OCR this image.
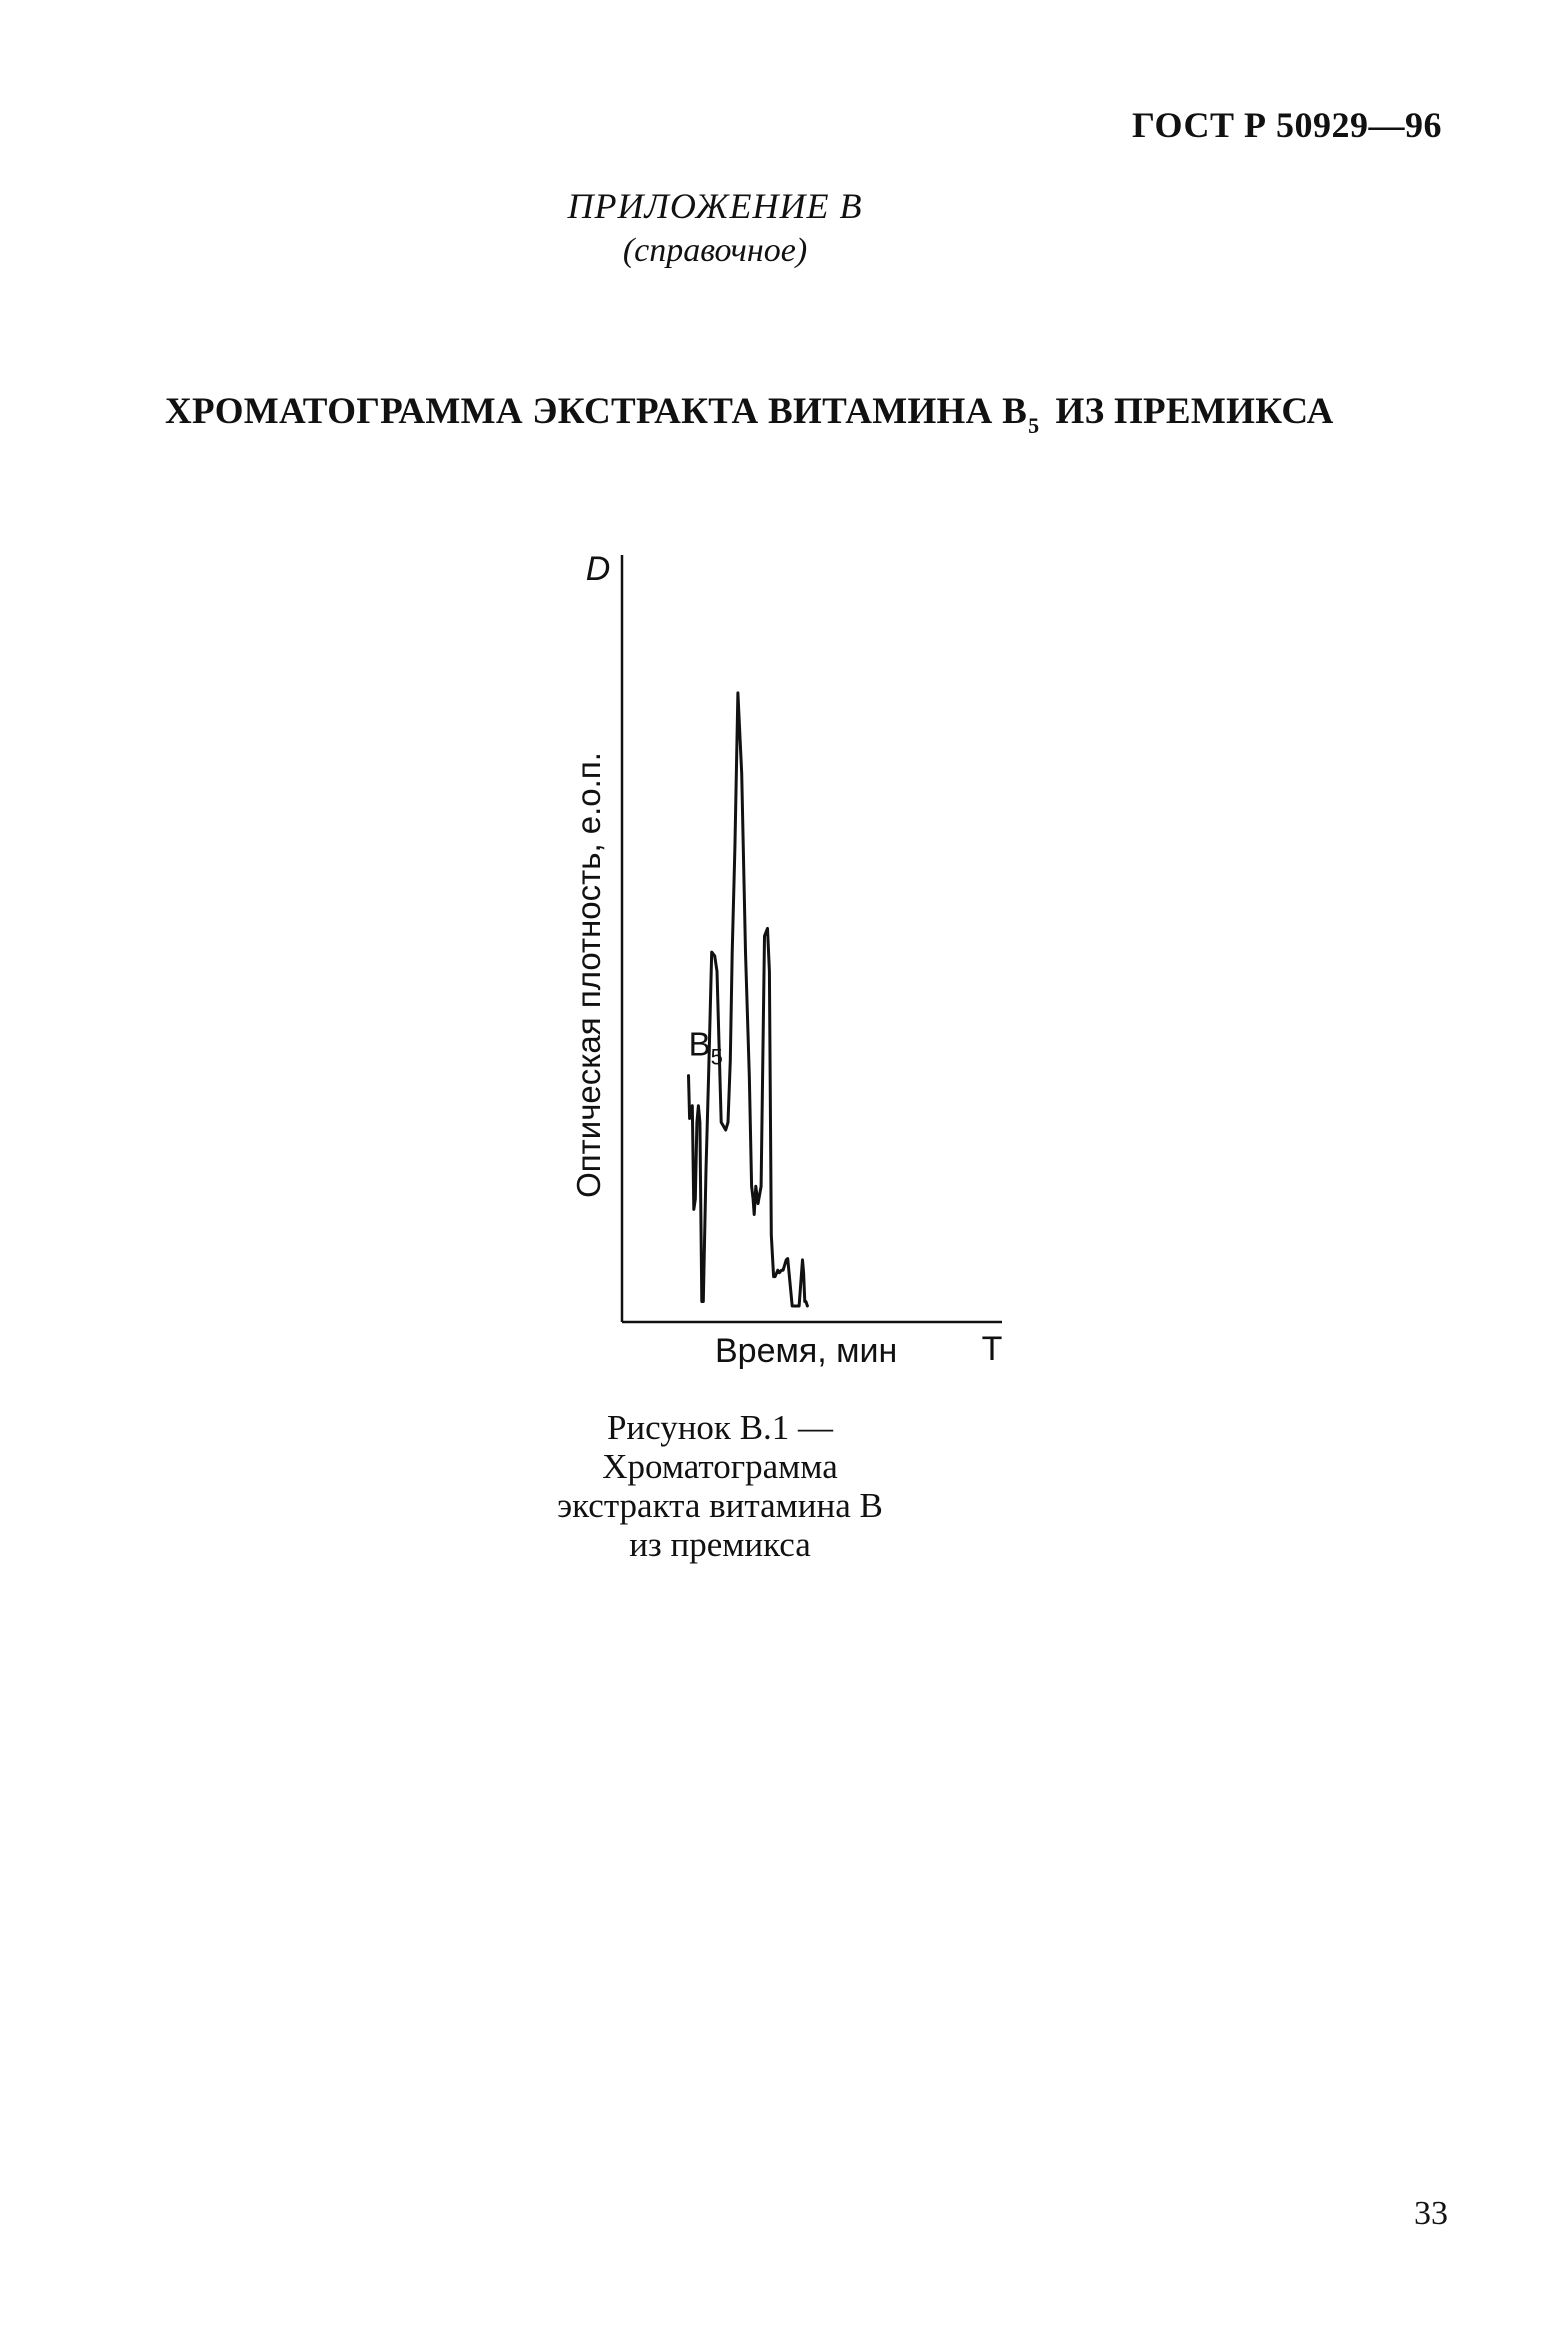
ГОСТ Р 50929—96
ПРИЛОЖЕНИЕ В
(справочное)
ХРОМАТОГРАММА ЭКСТРАКТА ВИТАМИНА $В_5$ ИЗ ПРЕМИКСА
D
Оптическая плотность, е.о.п.
Время, мин T
$B_5$
Рисунок В.1 —
Хроматограмма
экстракта витамина В
из премикса
33
